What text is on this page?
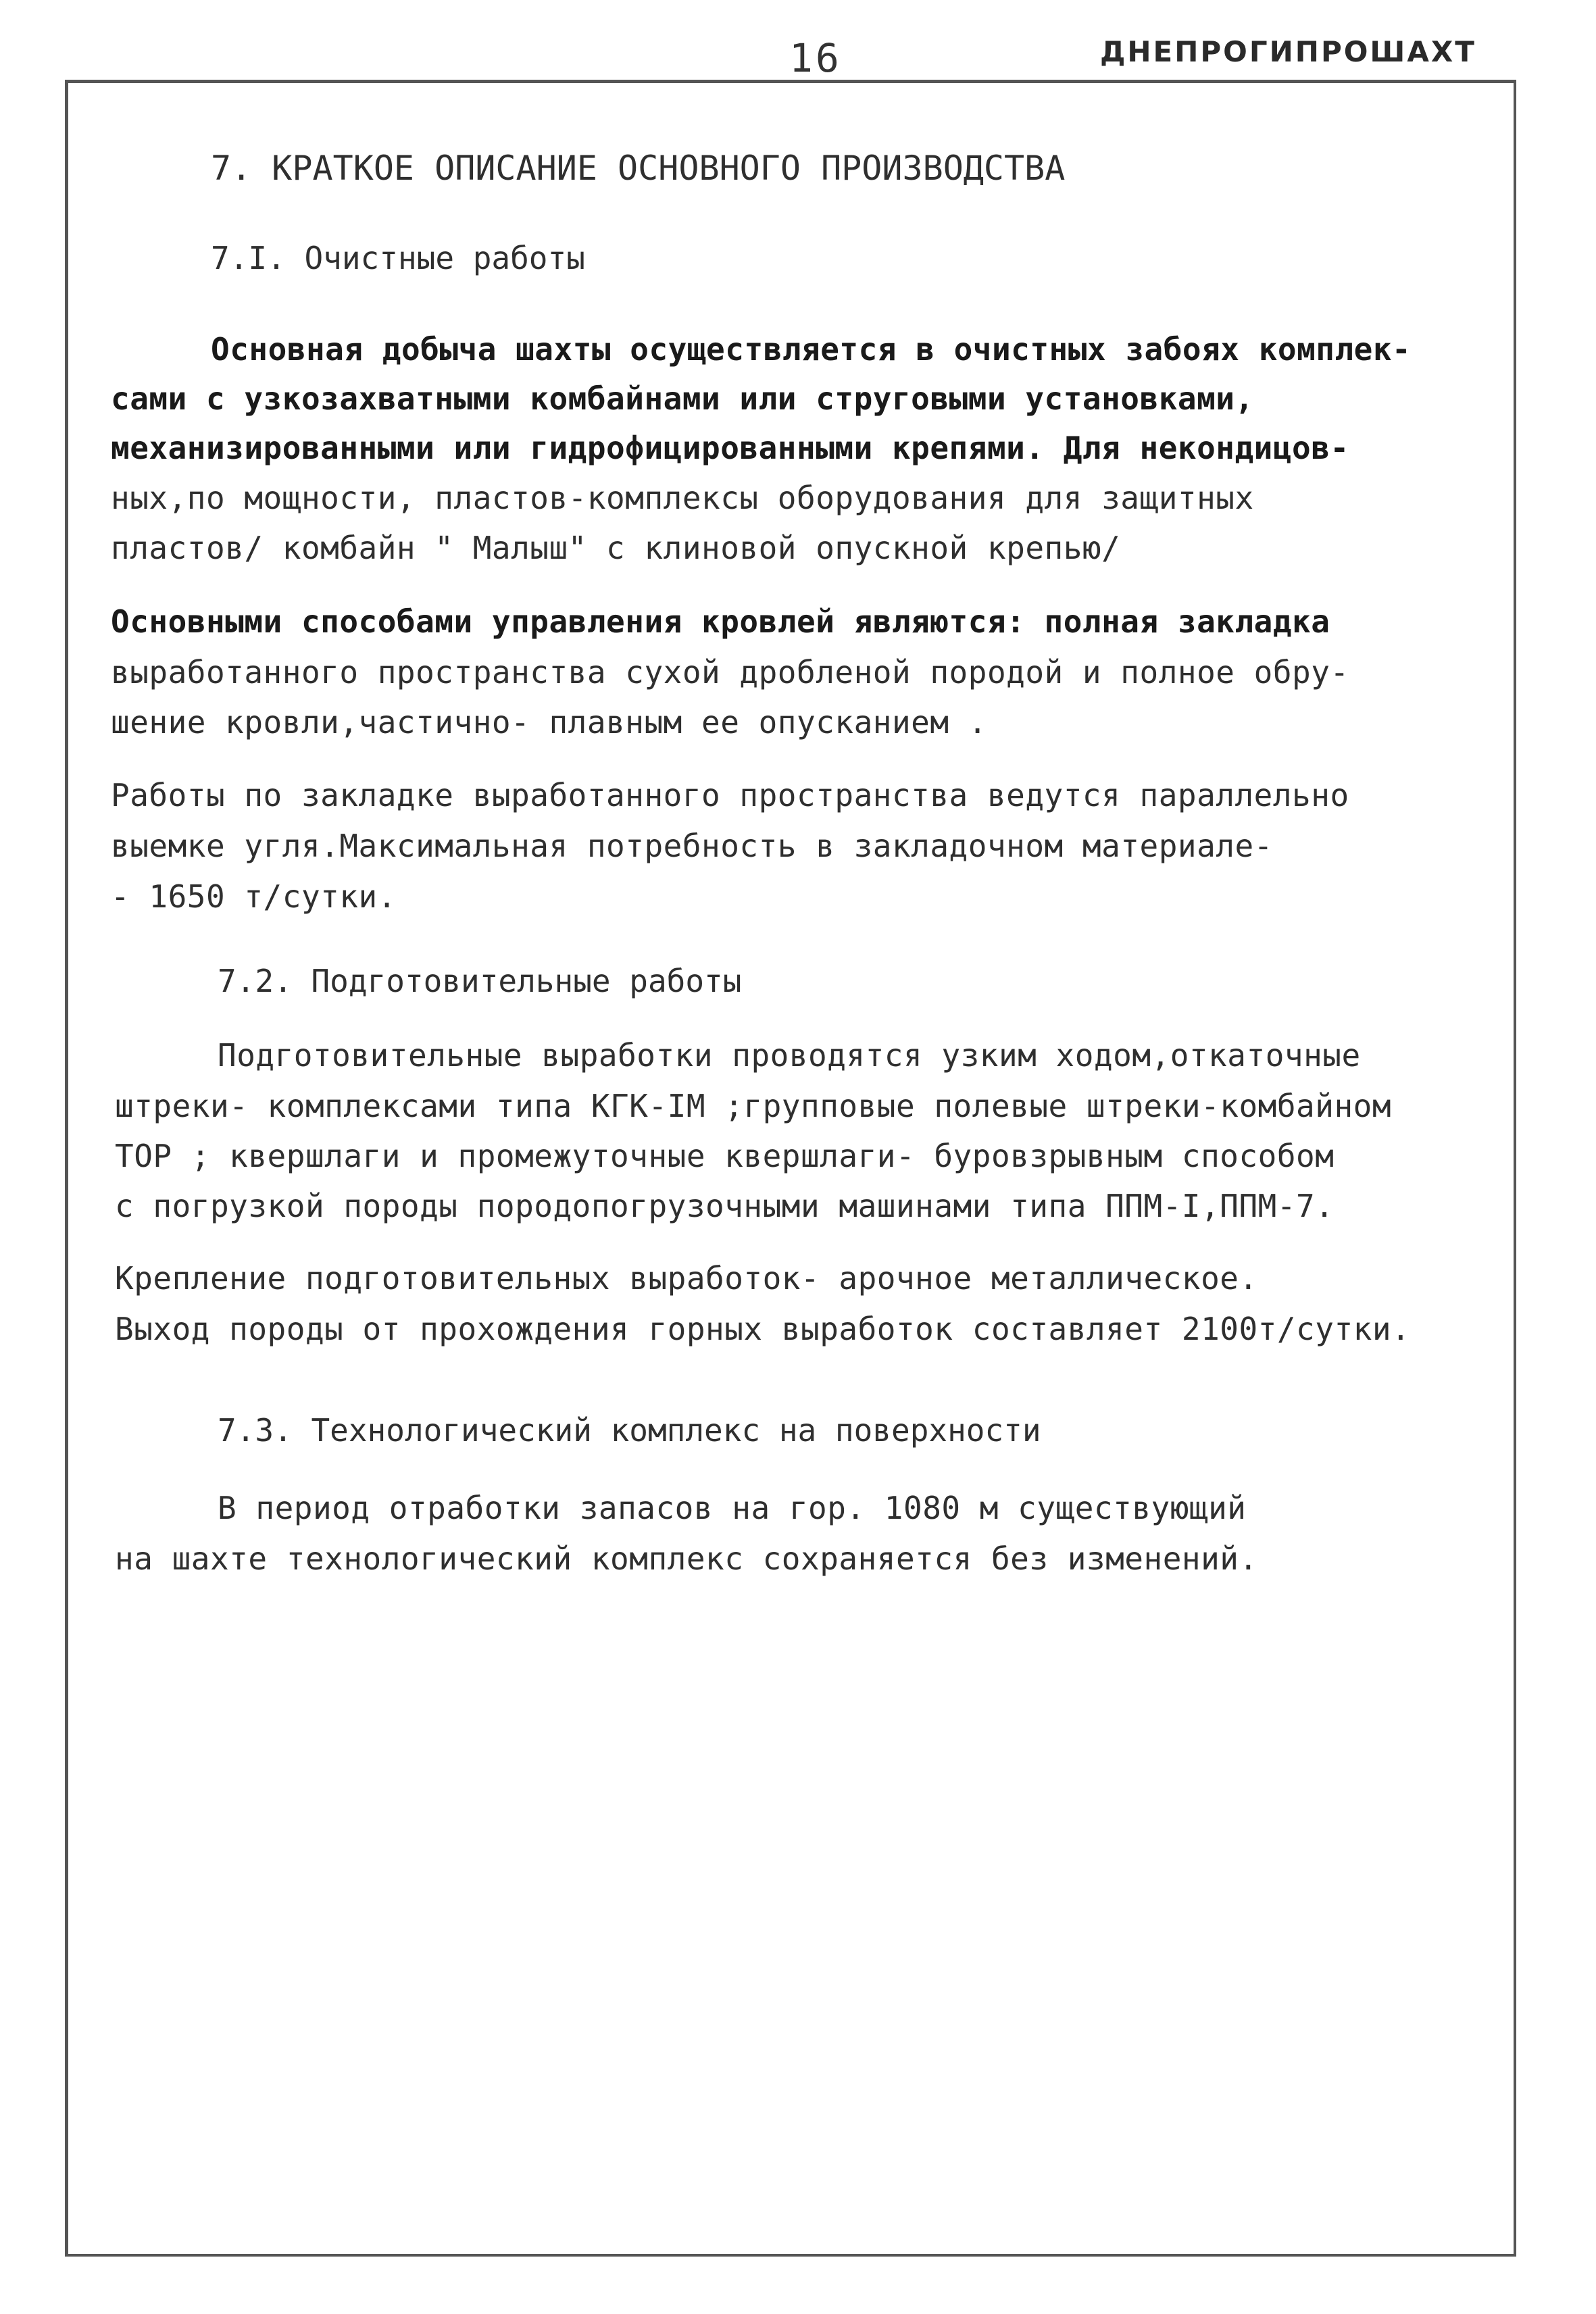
16	ДНЕПРОГИПРОШАХТ
7. КРАТКОЕ ОПИСАНИЕ ОСНОВНОГО ПРОИЗВОДСТВА
7.I. Очистные работы
Основная добыча шахты осуществляется в очистных забоях комплек-
сами с узкозахватными комбайнами или струговыми установками,
механизированными или гидрофицированными крепями. Для некондицов-
ных,по мощности, пластов-комплексы оборудования для защитных
пластов/ комбайн " Малыш" с клиновой опускной крепью/
Основными способами управления кровлей являются: полная закладка
выработанного пространства сухой дробленой породой и полное обру-
шение кровли,частично- плавным ее опусканием .
Работы по закладке выработанного пространства ведутся параллельно
выемке угля.Максимальная потребность в закладочном материале-
- 1650 т/сутки.
7.2. Подготовительные работы
Подготовительные выработки проводятся узким ходом,откаточные
штреки- комплексами типа КГК-IM ;групповые полевые штреки-комбайном
ТОР ; квершлаги и промежуточные квершлаги- буровзрывным способом
с погрузкой породы породопогрузочными машинами типа ППМ-I,ППМ-7.
Крепление подготовительных выработок- арочное металлическое.
Выход породы от прохождения горных выработок составляет 2100т/сутки.
7.3. Технологический комплекс на поверхности
В период отработки запасов на гор. 1080 м существующий
на шахте технологический комплекс сохраняется без изменений.
